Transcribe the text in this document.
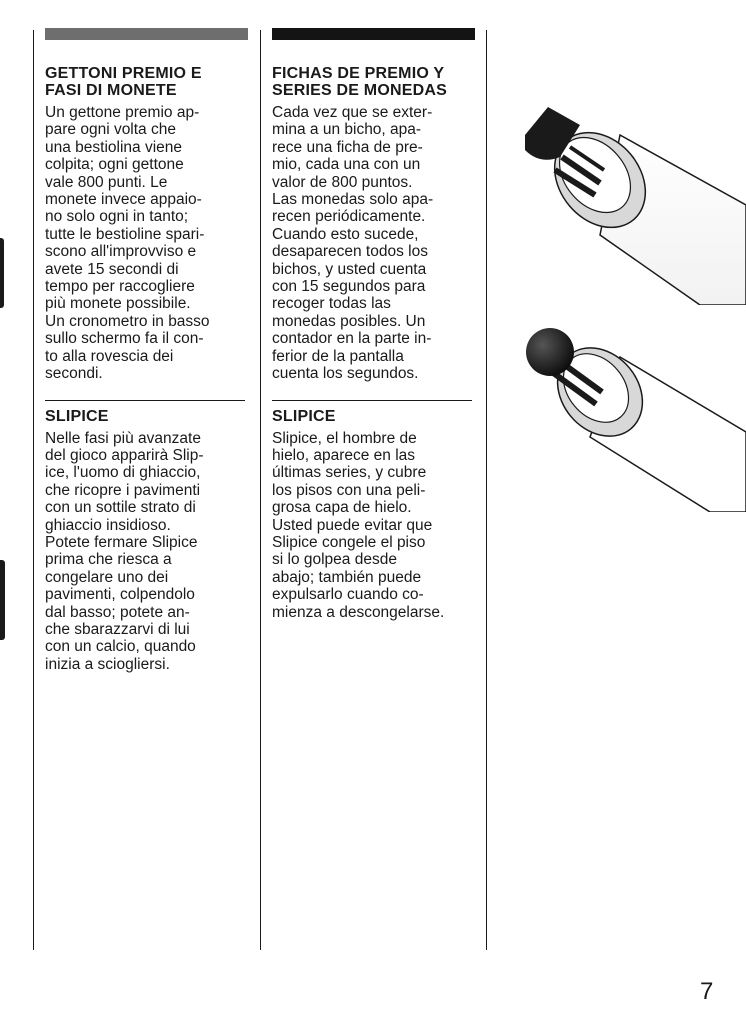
GETTONI PREMIO E
FASI DI MONETE

Un gettone premio ap-
pare ogni volta che
una bestiolina viene
colpita; ogni gettone
vale 800 punti. Le
monete invece appaio-
no solo ogni in tanto;
tutte le bestioline spari-
scono all'improvviso e
avete 15 secondi di
tempo per raccogliere
più monete possibile.
Un cronometro in basso
sullo schermo fa il con-
to alla rovescia dei
secondi.

SLIPICE

Nelle fasi più avanzate
del gioco apparirà Slip-
ice, l'uomo di ghiaccio,
che ricopre i pavimenti
con un sottile strato di
ghiaccio insidioso.
Potete fermare Slipice
prima che riesca a
congelare uno dei
pavimenti, colpendolo
dal basso; potete an-
che sbarazzarvi di lui
con un calcio, quando
inizia a sciogliersi.

FICHAS DE PREMIO Y
SERIES DE MONEDAS

Cada vez que se exter-
mina a un bicho, apa-
rece una ficha de pre-
mio, cada una con un
valor de 800 puntos.
Las monedas solo apa-
recen periódicamente.
Cuando esto sucede,
desaparecen todos los
bichos, y usted cuenta
con 15 segundos para
recoger todas las
monedas posibles. Un
contador en la parte in-
ferior de la pantalla
cuenta los segundos.

SLIPICE

Slipice, el hombre de
hielo, aparece en las
últimas series, y cubre
los pisos con una peli-
grosa capa de hielo.
Usted puede evitar que
Slipice congele el piso
si lo golpea desde
abajo; también puede
expulsarlo cuando co-
mienza a descongelarse.

7
